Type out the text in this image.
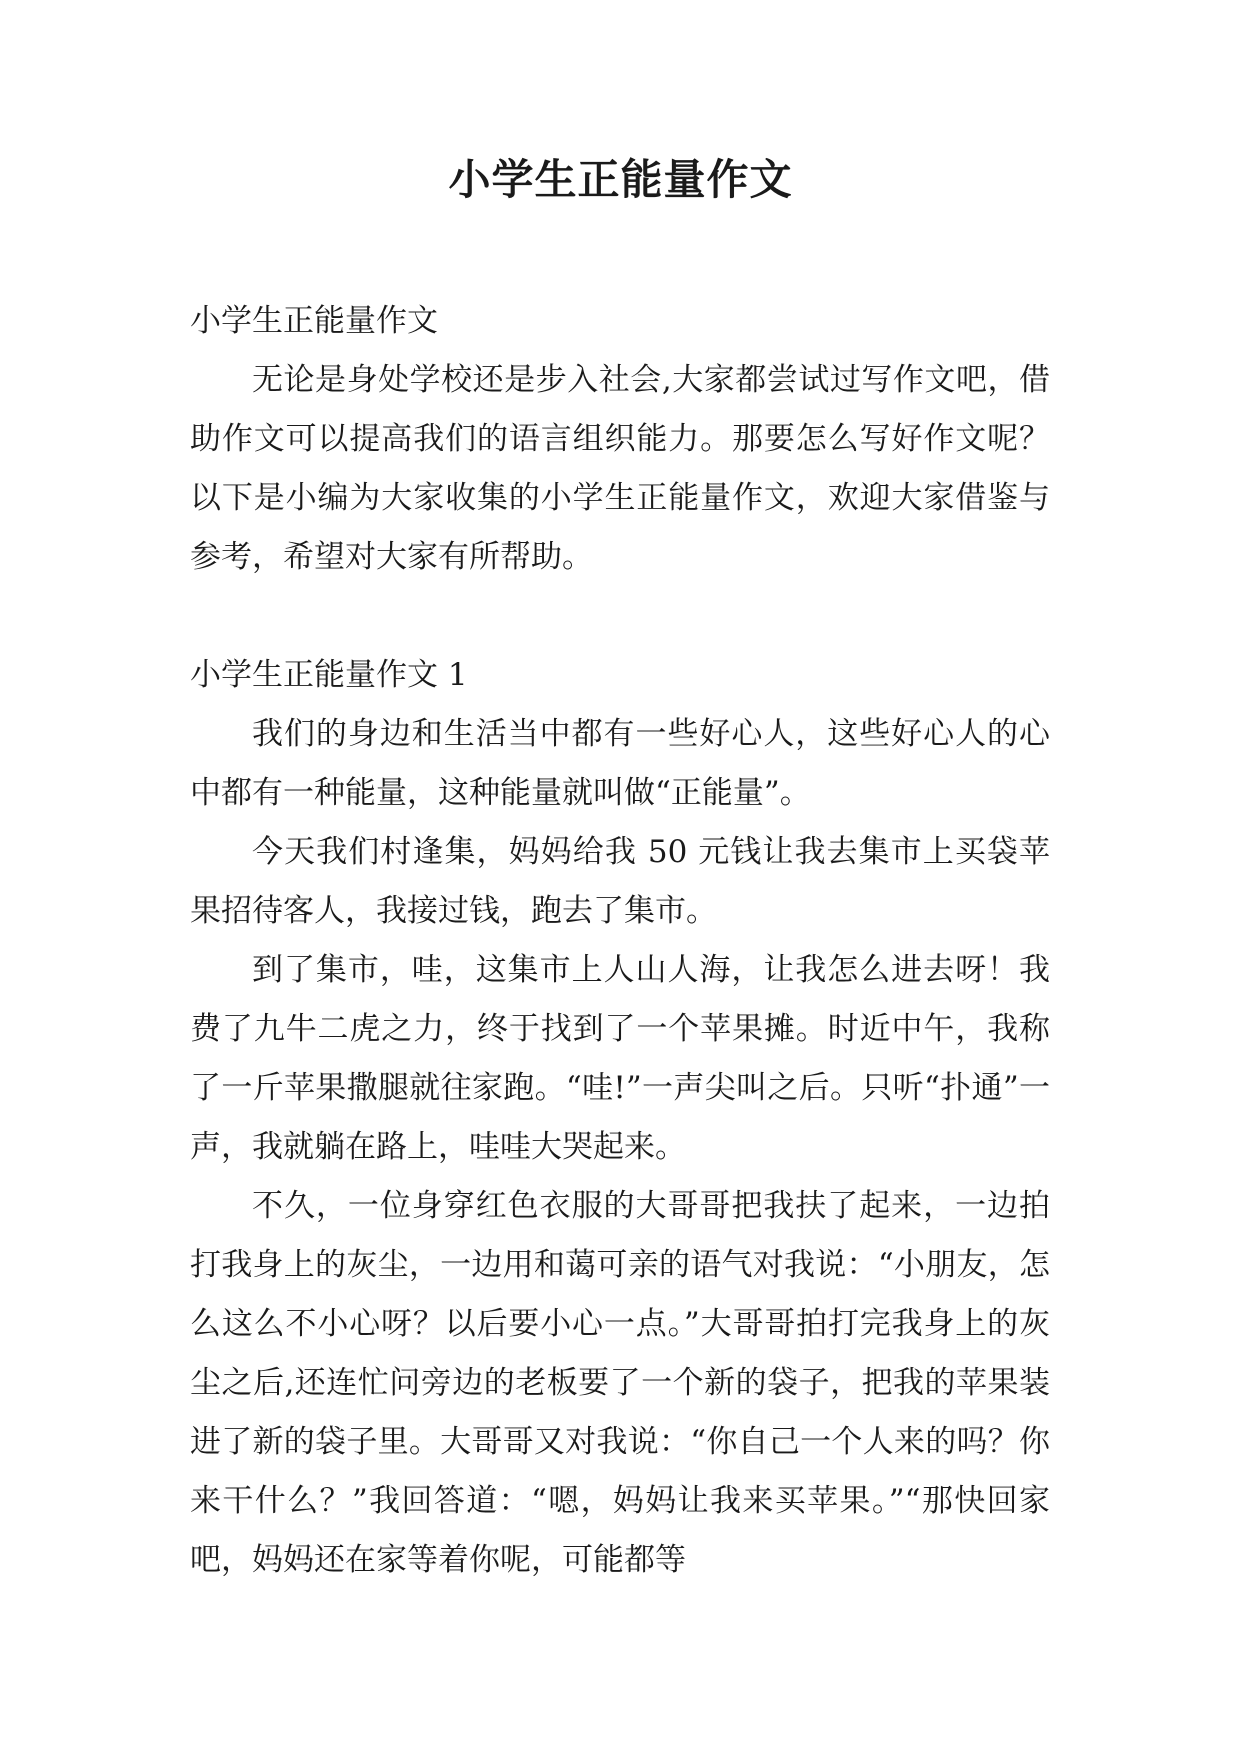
小学生正能量作文

小学生正能量作文

无论是身处学校还是步入社会,大家都尝试过写作文吧，借助作文可以提高我们的语言组织能力。那要怎么写好作文呢？以下是小编为大家收集的小学生正能量作文，欢迎大家借鉴与参考，希望对大家有所帮助。

小学生正能量作文 1

我们的身边和生活当中都有一些好心人，这些好心人的心中都有一种能量，这种能量就叫做“正能量”。

今天我们村逢集，妈妈给我 50 元钱让我去集市上买袋苹果招待客人，我接过钱，跑去了集市。

到了集市，哇，这集市上人山人海，让我怎么进去呀！我费了九牛二虎之力，终于找到了一个苹果摊。时近中午，我称了一斤苹果撒腿就往家跑。“哇!”一声尖叫之后。只听“扑通”一声，我就躺在路上，哇哇大哭起来。

不久，一位身穿红色衣服的大哥哥把我扶了起来，一边拍打我身上的灰尘，一边用和蔼可亲的语气对我说：“小朋友，怎么这么不小心呀？以后要小心一点。”大哥哥拍打完我身上的灰尘之后,还连忙问旁边的老板要了一个新的袋子，把我的苹果装进了新的袋子里。大哥哥又对我说：“你自己一个人来的吗？你来干什么？”我回答道：“嗯，妈妈让我来买苹果。”“那快回家吧，妈妈还在家等着你呢，可能都等
